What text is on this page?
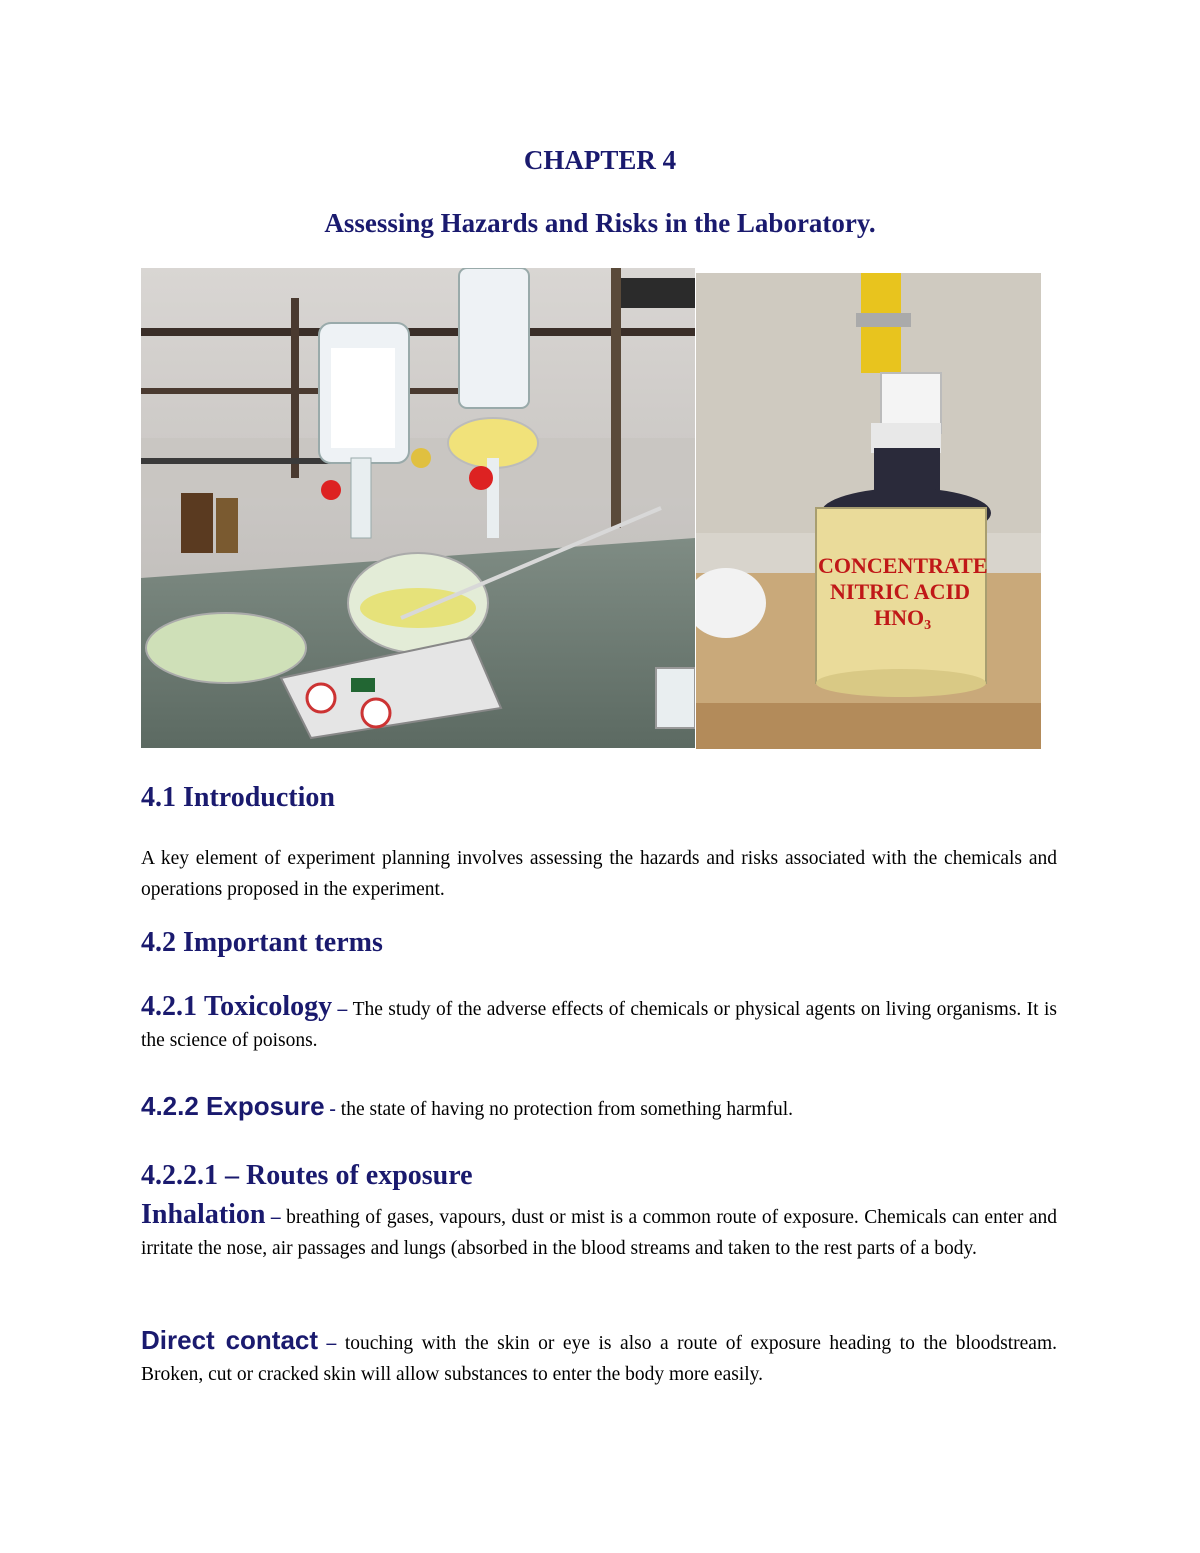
CHAPTER 4
Assessing Hazards and Risks in the Laboratory.
CONCENTRATE
NITRIC ACID
HNO3
4.1 Introduction
A key element of experiment planning involves assessing the hazards and risks associated with the chemicals and operations proposed in the experiment.
4.2 Important terms
4.2.1 Toxicology – The study of the adverse effects of chemicals or physical agents on living organisms. It is the science of poisons.
4.2.2 Exposure - the state of having no protection from something harmful.
4.2.2.1 – Routes of exposure
Inhalation – breathing of gases, vapours, dust or mist is a common route of exposure. Chemicals can enter and irritate the nose, air passages and lungs (absorbed in the blood streams and taken to the rest parts of a body.
Direct contact – touching with the skin or eye is also a route of exposure heading to the bloodstream. Broken, cut or cracked skin will allow substances to enter the body more easily.
